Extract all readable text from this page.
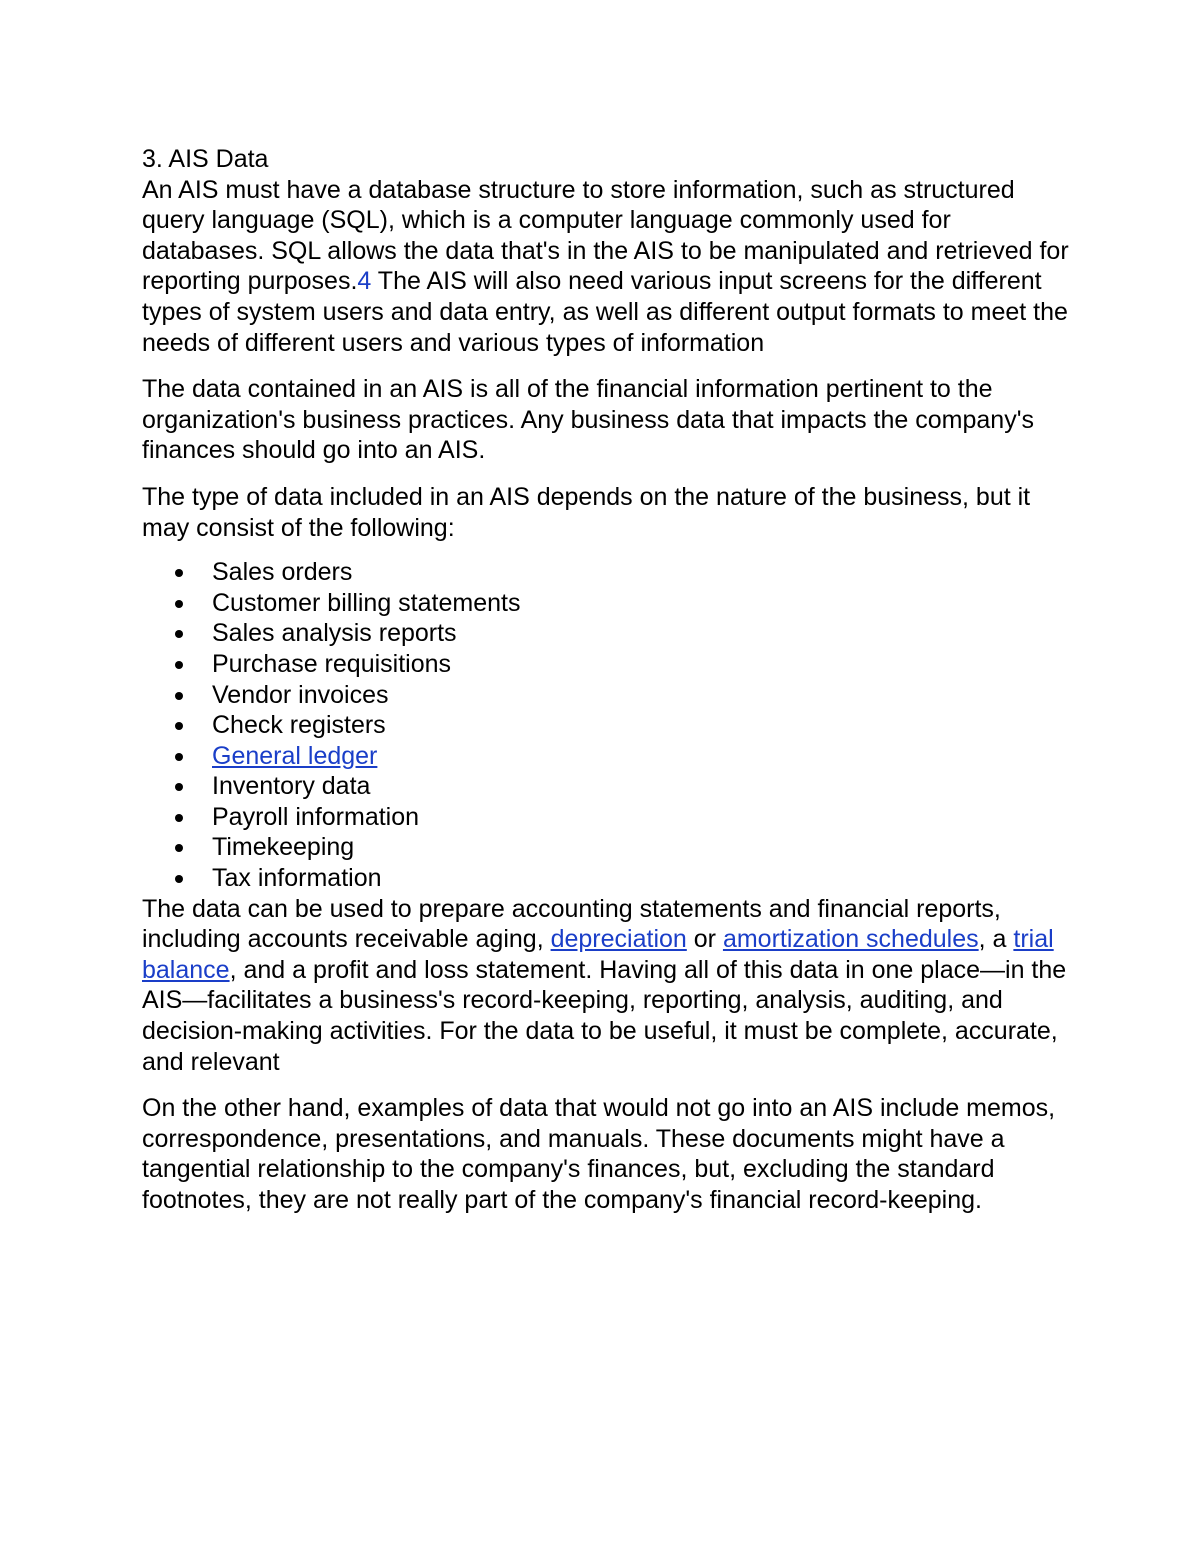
3. AIS Data

An AIS must have a database structure to store information, such as structured query language (SQL), which is a computer language commonly used for databases. SQL allows the data that's in the AIS to be manipulated and retrieved for reporting purposes.4 The AIS will also need various input screens for the different types of system users and data entry, as well as different output formats to meet the needs of different users and various types of information

The data contained in an AIS is all of the financial information pertinent to the organization's business practices. Any business data that impacts the company's finances should go into an AIS.

The type of data included in an AIS depends on the nature of the business, but it may consist of the following:

Sales orders
Customer billing statements
Sales analysis reports
Purchase requisitions
Vendor invoices
Check registers
General ledger
Inventory data
Payroll information
Timekeeping
Tax information

The data can be used to prepare accounting statements and financial reports, including accounts receivable aging, depreciation or amortization schedules, a trial balance, and a profit and loss statement. Having all of this data in one place—in the AIS—facilitates a business's record-keeping, reporting, analysis, auditing, and decision-making activities. For the data to be useful, it must be complete, accurate, and relevant

On the other hand, examples of data that would not go into an AIS include memos, correspondence, presentations, and manuals. These documents might have a tangential relationship to the company's finances, but, excluding the standard footnotes, they are not really part of the company's financial record-keeping.
